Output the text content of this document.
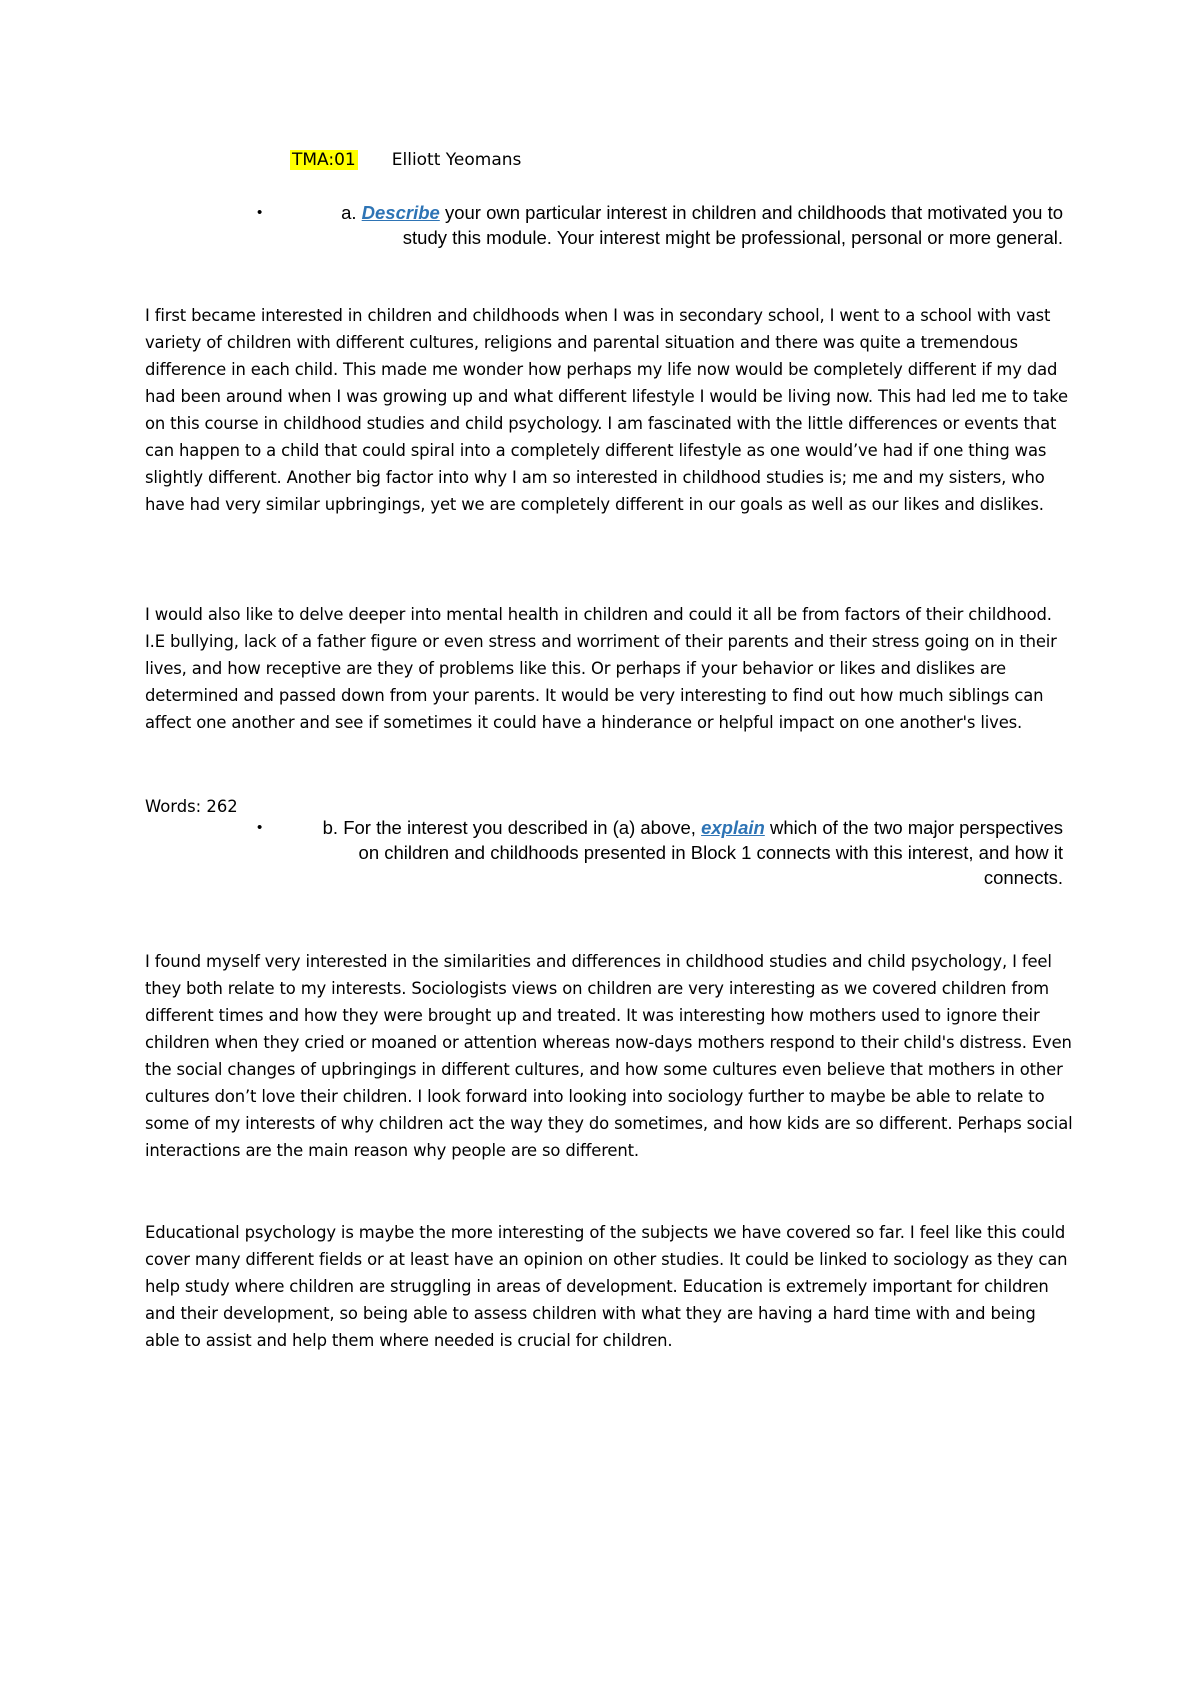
TMA:01 Elliott Yeomans
•	a. Describe your own particular interest in children and childhoods that motivated you to study this module. Your interest might be professional, personal or more general.

I first became interested in children and childhoods when I was in secondary school, I went to a school with vast variety of children with different cultures, religions and parental situation and there was quite a tremendous difference in each child. This made me wonder how perhaps my life now would be completely different if my dad had been around when I was growing up and what different lifestyle I would be living now. This had led me to take on this course in childhood studies and child psychology. I am fascinated with the little differences or events that can happen to a child that could spiral into a completely different lifestyle as one would’ve had if one thing was slightly different. Another big factor into why I am so interested in childhood studies is; me and my sisters, who have had very similar upbringings, yet we are completely different in our goals as well as our likes and dislikes.

I would also like to delve deeper into mental health in children and could it all be from factors of their childhood. I.E bullying, lack of a father figure or even stress and worriment of their parents and their stress going on in their lives, and how receptive are they of problems like this. Or perhaps if your behavior or likes and dislikes are determined and passed down from your parents. It would be very interesting to find out how much siblings can affect one another and see if sometimes it could have a hinderance or helpful impact on one another's lives.

Words: 262
•	b. For the interest you described in (a) above, explain which of the two major perspectives on children and childhoods presented in Block 1 connects with this interest, and how it connects.

I found myself very interested in the similarities and differences in childhood studies and child psychology, I feel they both relate to my interests. Sociologists views on children are very interesting as we covered children from different times and how they were brought up and treated. It was interesting how mothers used to ignore their children when they cried or moaned or attention whereas now-days mothers respond to their child's distress. Even the social changes of upbringings in different cultures, and how some cultures even believe that mothers in other cultures don’t love their children. I look forward into looking into sociology further to maybe be able to relate to some of my interests of why children act the way they do sometimes, and how kids are so different. Perhaps social interactions are the main reason why people are so different.

Educational psychology is maybe the more interesting of the subjects we have covered so far. I feel like this could cover many different fields or at least have an opinion on other studies. It could be linked to sociology as they can help study where children are struggling in areas of development. Education is extremely important for children and their development, so being able to assess children with what they are having a hard time with and being able to assist and help them where needed is crucial for children.
